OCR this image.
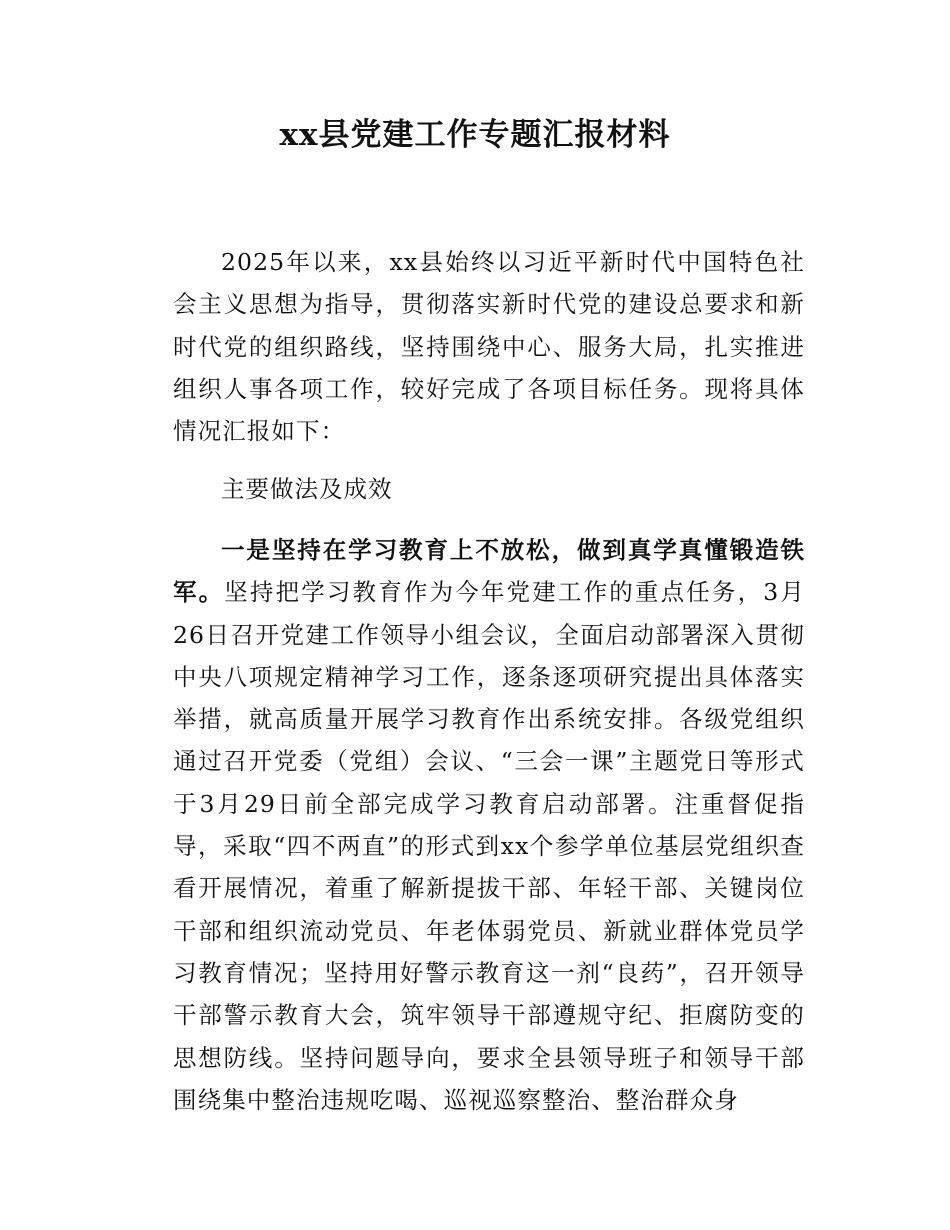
xx县党建工作专题汇报材料

2025年以来，xx县始终以习近平新时代中国特色社会主义思想为指导，贯彻落实新时代党的建设总要求和新时代党的组织路线，坚持围绕中心、服务大局，扎实推进组织人事各项工作，较好完成了各项目标任务。现将具体情况汇报如下：

主要做法及成效

一是坚持在学习教育上不放松，做到真学真懂锻造铁军。坚持把学习教育作为今年党建工作的重点任务，3月26日召开党建工作领导小组会议，全面启动部署深入贯彻中央八项规定精神学习工作，逐条逐项研究提出具体落实举措，就高质量开展学习教育作出系统安排。各级党组织通过召开党委（党组）会议、“三会一课”主题党日等形式于3月29日前全部完成学习教育启动部署。注重督促指导，采取“四不两直”的形式到xx个参学单位基层党组织查看开展情况，着重了解新提拔干部、年轻干部、关键岗位干部和组织流动党员、年老体弱党员、新就业群体党员学习教育情况；坚持用好警示教育这一剂“良药”，召开领导干部警示教育大会，筑牢领导干部遵规守纪、拒腐防变的思想防线。坚持问题导向，要求全县领导班子和领导干部围绕集中整治违规吃喝、巡视巡察整治、整治群众身
